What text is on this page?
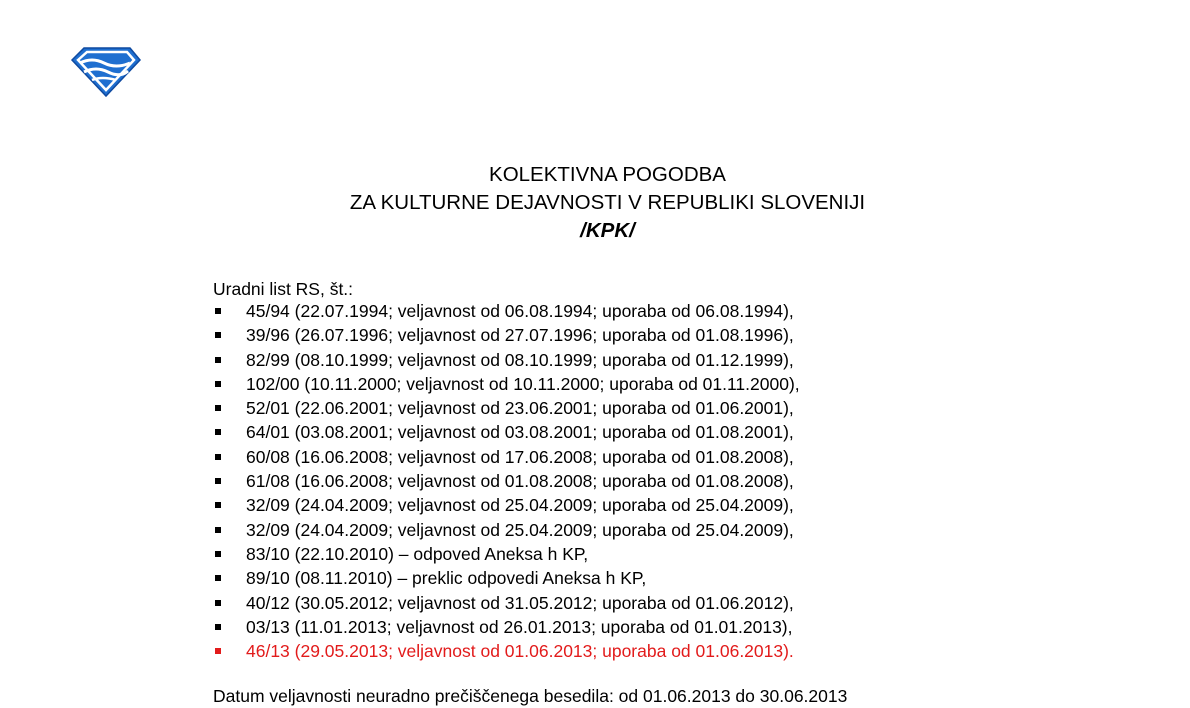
KOLEKTIVNA POGODBA
ZA KULTURNE DEJAVNOSTI V REPUBLIKI SLOVENIJI
/KPK/
Uradni list RS, št.:
45/94 (22.07.1994; veljavnost od 06.08.1994; uporaba od 06.08.1994),
39/96 (26.07.1996; veljavnost od 27.07.1996; uporaba od 01.08.1996),
82/99 (08.10.1999; veljavnost od 08.10.1999; uporaba od 01.12.1999),
102/00 (10.11.2000; veljavnost od 10.11.2000; uporaba od 01.11.2000),
52/01 (22.06.2001; veljavnost od 23.06.2001; uporaba od 01.06.2001),
64/01 (03.08.2001; veljavnost od 03.08.2001; uporaba od 01.08.2001),
60/08 (16.06.2008; veljavnost od 17.06.2008; uporaba od 01.08.2008),
61/08 (16.06.2008; veljavnost od 01.08.2008; uporaba od 01.08.2008),
32/09 (24.04.2009; veljavnost od 25.04.2009; uporaba od 25.04.2009),
32/09 (24.04.2009; veljavnost od 25.04.2009; uporaba od 25.04.2009),
83/10 (22.10.2010) – odpoved Aneksa h KP,
89/10 (08.11.2010) – preklic odpovedi Aneksa h KP,
40/12 (30.05.2012; veljavnost od 31.05.2012; uporaba od 01.06.2012),
03/13 (11.01.2013; veljavnost od 26.01.2013; uporaba od 01.01.2013),
46/13 (29.05.2013; veljavnost od 01.06.2013; uporaba od 01.06.2013).
Datum veljavnosti neuradno prečiščenega besedila: od 01.06.2013 do 30.06.2013
